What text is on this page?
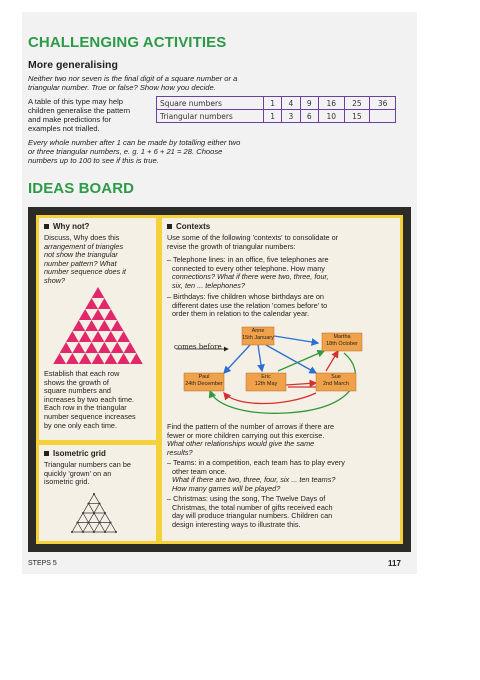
CHALLENGING ACTIVITIES
More generalising
Neither two nor seven is the final digit of a square number or a
triangular number. True or false? Show how you decide.
A table of this type may help
children generalise the pattern
and make predictions for
examples not trialled.
Square numbers	1	4	9	16	25	36
Triangular numbers	1	3	6	10	15	
Every whole number after 1 can be made by totalling either two
or three triangular numbers, e. g. 1 + 6 + 21 = 28. Choose
numbers up to 100 to see if this is true.
IDEAS BOARD
Why not?
Discuss, Why does this
arrangement of triangles
not show the triangular
number pattern? What
number sequence does it
show?
Establish that each row
shows the growth of
square numbers and
increases by two each time.
Each row in the triangular
number sequence increases
by one only each time.
Isometric grid
Triangular numbers can be
quickly 'grown' on an
isometric grid.
Contexts
Use some of the following 'contexts' to consolidate or
revise the growth of triangular numbers:
– Telephone lines: in an office, five telephones are
connected to every other telephone. How many
connections? What if there were two, three, four,
six, ten ... telephones?
– Birthdays: five children whose birthdays are on
different dates use the relation 'comes before' to
order them in relation to the calendar year.
comes before
Anne
15th January	Martha
18th October
Paul
24th December
Eric
12th May
Sue
2nd March
Find the pattern of the number of arrows if there are
fewer or more children carrying out this exercise.
What other relationships would give the same
results?
– Teams: in a competition, each team has to play every
other team once.
What if there are two, three, four, six ... ten teams?
How many games will be played?
– Christmas: using the song, The Twelve Days of
Christmas, the total number of gifts received each
day will produce triangular numbers. Children can
design interesting ways to illustrate this.
STEPS 5	117
